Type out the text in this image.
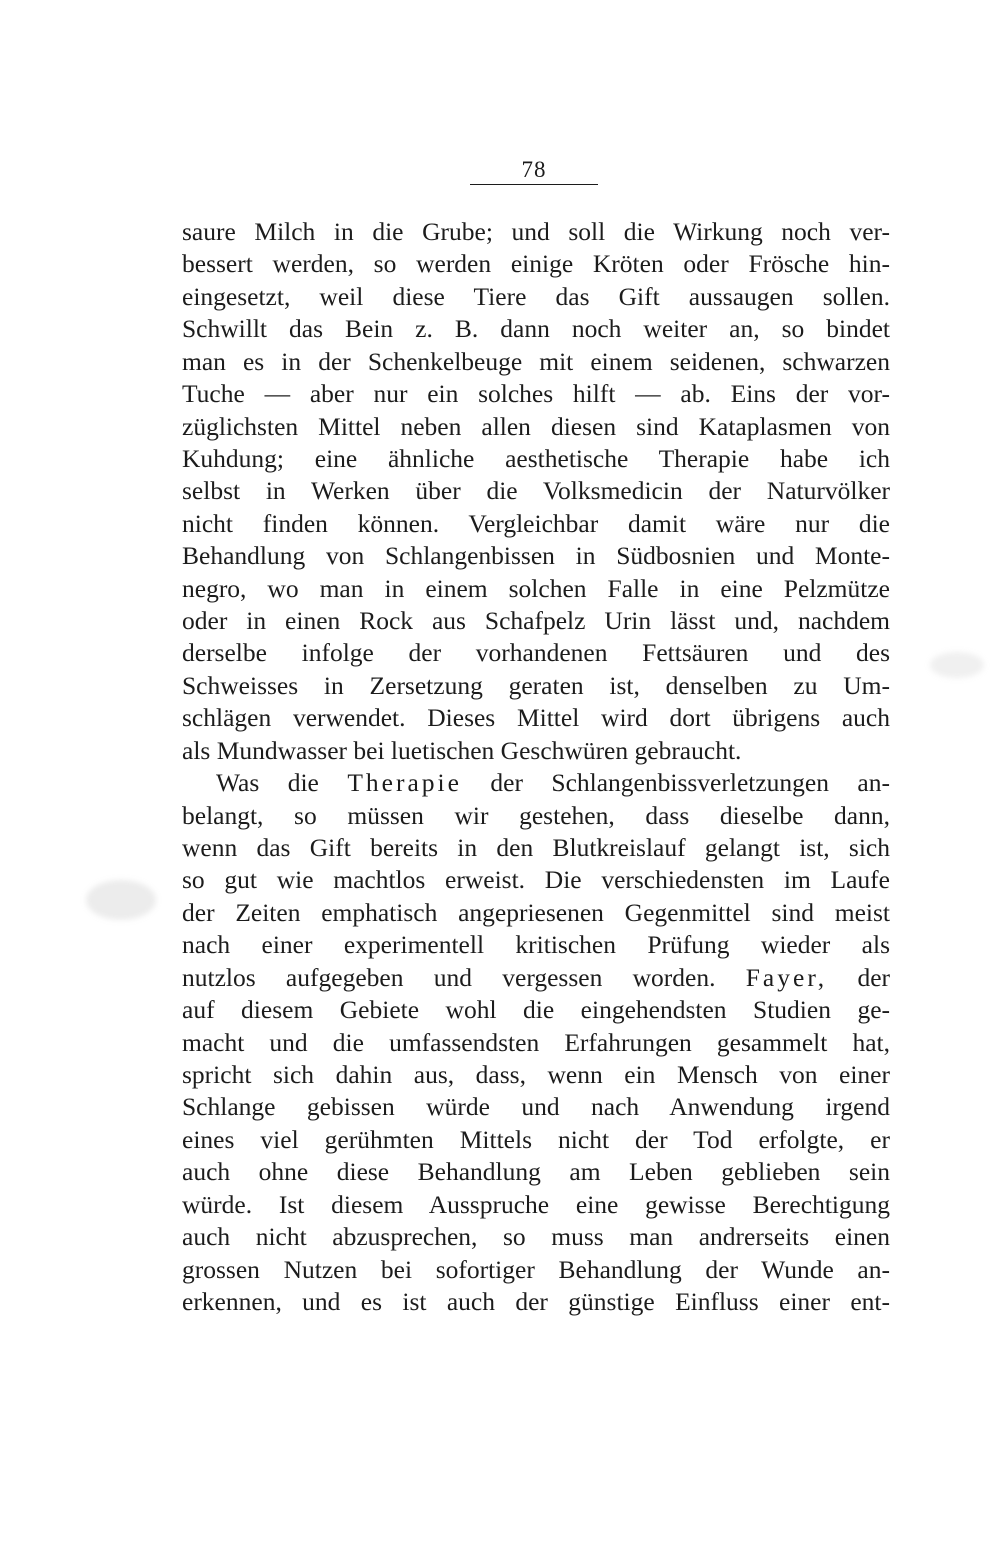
78
saure Milch in die Grube; und soll die Wirkung noch ver-
bessert werden, so werden einige Kröten oder Frösche hin-
eingesetzt, weil diese Tiere das Gift aussaugen sollen.
Schwillt das Bein z. B. dann noch weiter an, so bindet
man es in der Schenkelbeuge mit einem seidenen, schwarzen
Tuche — aber nur ein solches hilft — ab. Eins der vor-
züglichsten Mittel neben allen diesen sind Kataplasmen von
Kuhdung; eine ähnliche aesthetische Therapie habe ich
selbst in Werken über die Volksmedicin der Naturvölker
nicht finden können. Vergleichbar damit wäre nur die
Behandlung von Schlangenbissen in Südbosnien und Monte-
negro, wo man in einem solchen Falle in eine Pelzmütze
oder in einen Rock aus Schafpelz Urin lässt und, nachdem
derselbe infolge der vorhandenen Fettsäuren und des
Schweisses in Zersetzung geraten ist, denselben zu Um-
schlägen verwendet. Dieses Mittel wird dort übrigens auch
als Mundwasser bei luetischen Geschwüren gebraucht.
Was die Therapie der Schlangenbissverletzungen an-
belangt, so müssen wir gestehen, dass dieselbe dann,
wenn das Gift bereits in den Blutkreislauf gelangt ist, sich
so gut wie machtlos erweist. Die verschiedensten im Laufe
der Zeiten emphatisch angepriesenen Gegenmittel sind meist
nach einer experimentell kritischen Prüfung wieder als
nutzlos aufgegeben und vergessen worden. Fayer, der
auf diesem Gebiete wohl die eingehendsten Studien ge-
macht und die umfassendsten Erfahrungen gesammelt hat,
spricht sich dahin aus, dass, wenn ein Mensch von einer
Schlange gebissen würde und nach Anwendung irgend
eines viel gerühmten Mittels nicht der Tod erfolgte, er
auch ohne diese Behandlung am Leben geblieben sein
würde. Ist diesem Ausspruche eine gewisse Berechtigung
auch nicht abzusprechen, so muss man andrerseits einen
grossen Nutzen bei sofortiger Behandlung der Wunde an-
erkennen, und es ist auch der günstige Einfluss einer ent-
